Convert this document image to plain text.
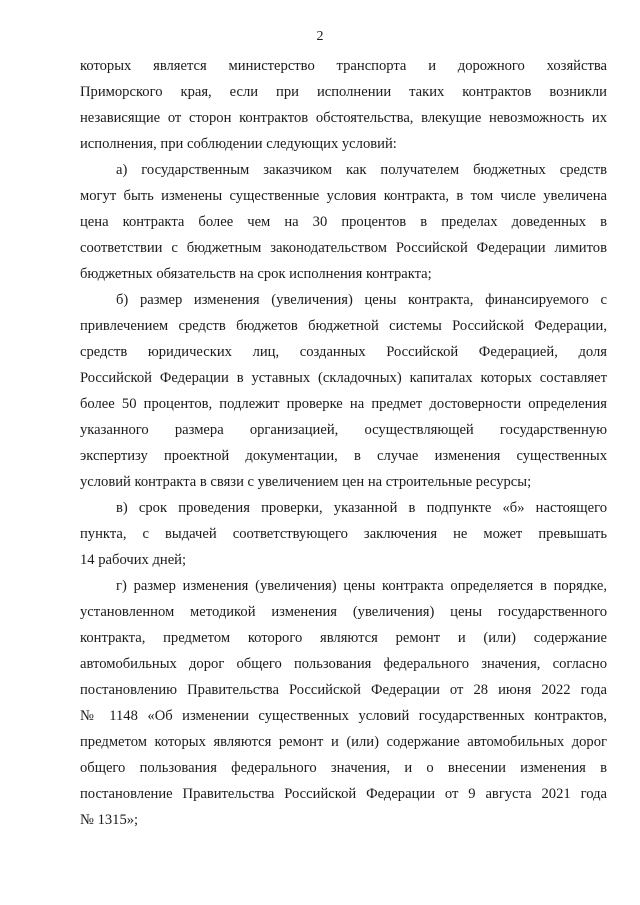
2

которых является министерство транспорта и дорожного хозяйства

Приморского края, если при исполнении таких контрактов возникли

независящие от сторон контрактов обстоятельства, влекущие невозможность их

исполнения, при соблюдении следующих условий:

а) государственным заказчиком как получателем бюджетных средств

могут быть изменены существенные условия контракта, в том числе увеличена

цена контракта более чем на 30 процентов в пределах доведенных в

соответствии с бюджетным законодательством Российской Федерации лимитов

бюджетных обязательств на срок исполнения контракта;

б) размер изменения (увеличения) цены контракта, финансируемого с

привлечением средств бюджетов бюджетной системы Российской Федерации,

средств юридических лиц, созданных Российской Федерацией, доля

Российской Федерации в уставных (складочных) капиталах которых составляет

более 50 процентов, подлежит проверке на предмет достоверности определения

указанного размера организацией, осуществляющей государственную

экспертизу проектной документации, в случае изменения существенных

условий контракта в связи с увеличением цен на строительные ресурсы;

в) срок проведения проверки, указанной в подпункте «б» настоящего

пункта, с выдачей соответствующего заключения не может превышать

14 рабочих дней;

г) размер изменения (увеличения) цены контракта определяется в порядке,

установленном методикой изменения (увеличения) цены государственного

контракта, предметом которого являются ремонт и (или) содержание

автомобильных дорог общего пользования федерального значения, согласно

постановлению Правительства Российской Федерации от 28 июня 2022 года

№ 1148 «Об изменении существенных условий государственных контрактов,

предметом которых являются ремонт и (или) содержание автомобильных дорог

общего пользования федерального значения, и о внесении изменения в

постановление Правительства Российской Федерации от 9 августа 2021 года

№ 1315»;
